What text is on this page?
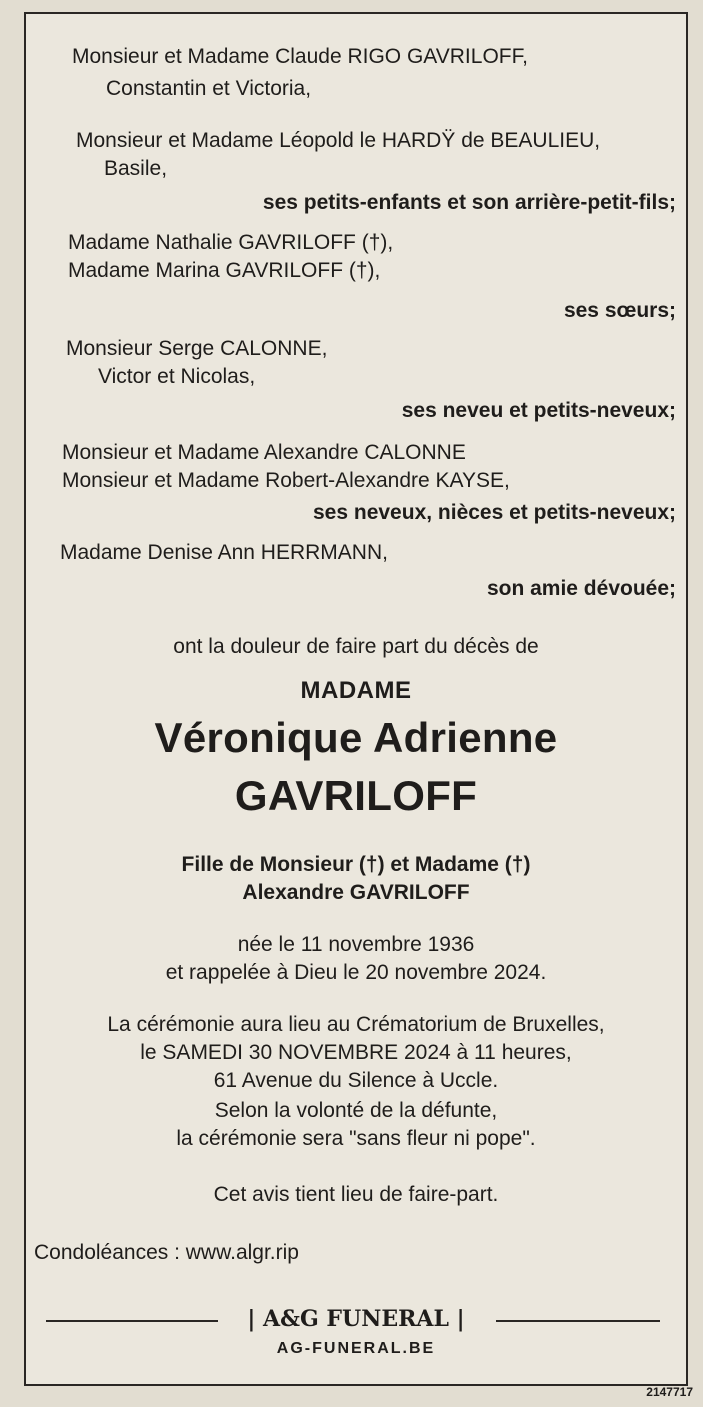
Monsieur et Madame Claude RIGO GAVRILOFF,
Constantin et Victoria,
Monsieur et Madame Léopold le HARDŸ de BEAULIEU,
Basile,
ses petits-enfants et son arrière-petit-fils;
Madame Nathalie GAVRILOFF (†),
Madame Marina GAVRILOFF (†),
ses sœurs;
Monsieur Serge CALONNE,
Victor et Nicolas,
ses neveu et petits-neveux;
Monsieur et Madame Alexandre CALONNE
Monsieur et Madame Robert-Alexandre KAYSE,
ses neveux, nièces et petits-neveux;
Madame Denise Ann HERRMANN,
son amie dévouée;
ont la douleur de faire part du décès de
MADAME
Véronique Adrienne
GAVRILOFF
Fille de Monsieur (†) et Madame (†)
Alexandre GAVRILOFF
née le 11 novembre 1936
et rappelée à Dieu le 20 novembre 2024.
La cérémonie aura lieu au Crématorium de Bruxelles,
le SAMEDI 30 NOVEMBRE 2024 à 11 heures,
61 Avenue du Silence à Uccle.
Selon la volonté de la défunte,
la cérémonie sera "sans fleur ni pope".
Cet avis tient lieu de faire-part.
Condoléances : www.algr.rip
| A&G FUNERAL |
AG-FUNERAL.BE
2147717
